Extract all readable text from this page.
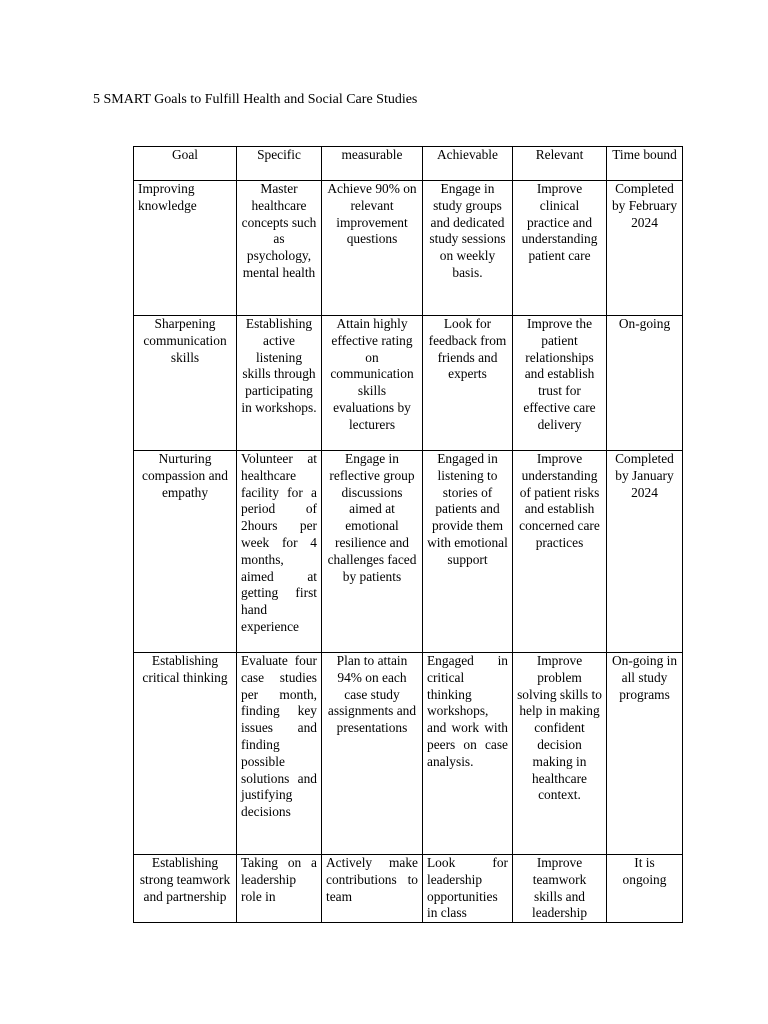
5 SMART Goals to Fulfill Health and Social Care Studies
Goal	Specific	measurable	Achievable	Relevant	Time bound
Improving knowledge	Master healthcare concepts such as psychology, mental health	Achieve 90% on relevant improvement questions	Engage in study groups and dedicated study sessions on weekly basis.	Improve clinical practice and understanding patient care	Completed by February 2024
Sharpening communication skills	Establishing active listening skills through participating in workshops.	Attain highly effective rating on communication skills evaluations by lecturers	Look for feedback from friends and experts	Improve the patient relationships and establish trust for effective care delivery	On-going
Nurturing compassion and empathy	Volunteer at healthcare facility for a period of 2hours per week for 4 months, aimed at getting first hand experience	Engage in reflective group discussions aimed at emotional resilience and challenges faced by patients	Engaged in listening to stories of patients and provide them with emotional support	Improve understanding of patient risks and establish concerned care practices	Completed by January 2024
Establishing critical thinking	Evaluate four case studies per month, finding key issues and finding possible solutions and justifying decisions	Plan to attain 94% on each case study assignments and presentations	Engaged in critical thinking workshops, and work with peers on case analysis.	Improve problem solving skills to help in making confident decision making in healthcare context.	On-going in all study programs
Establishing strong teamwork and partnership	Taking on a leadership role in	Actively make contributions to team	Look for leadership opportunities in class	Improve teamwork skills and leadership	It is ongoing
